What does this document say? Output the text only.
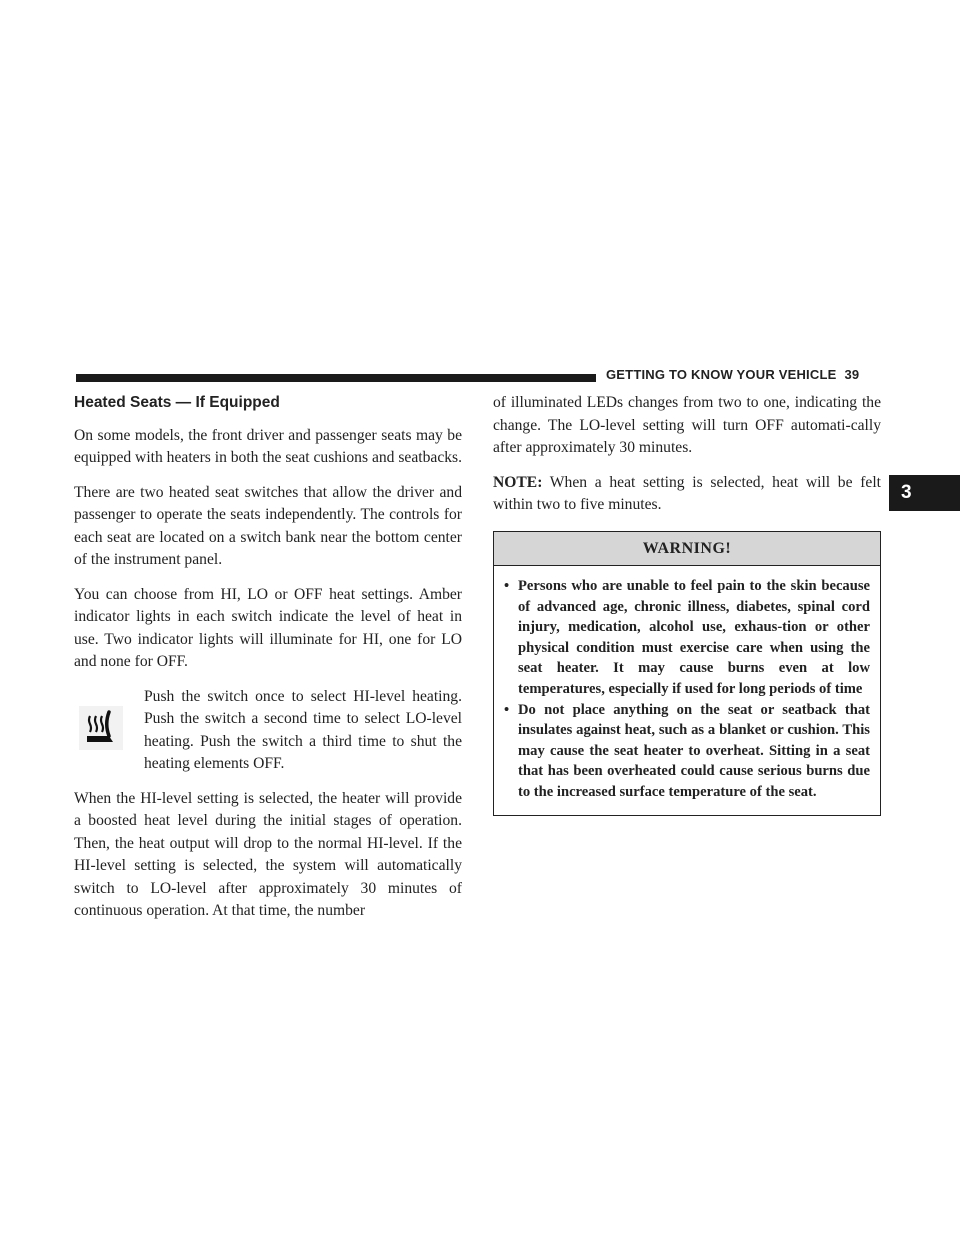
GETTING TO KNOW YOUR VEHICLE 39
3
Heated Seats — If Equipped

On some models, the front driver and passenger seats may be equipped with heaters in both the seat cushions and seatbacks.

There are two heated seat switches that allow the driver and passenger to operate the seats independently. The controls for each seat are located on a switch bank near the bottom center of the instrument panel.

You can choose from HI, LO or OFF heat settings. Amber indicator lights in each switch indicate the level of heat in use. Two indicator lights will illuminate for HI, one for LO and none for OFF.

Push the switch once to select HI-level heating. Push the switch a second time to select LO-level heating. Push the switch a third time to shut the heating elements OFF.

When the HI-level setting is selected, the heater will provide a boosted heat level during the initial stages of operation. Then, the heat output will drop to the normal HI-level. If the HI-level setting is selected, the system will automatically switch to LO-level after approximately 30 minutes of continuous operation. At that time, the number

of illuminated LEDs changes from two to one, indicating the change. The LO-level setting will turn OFF automati-cally after approximately 30 minutes.

NOTE: When a heat setting is selected, heat will be felt within two to five minutes.

WARNING!
• Persons who are unable to feel pain to the skin because of advanced age, chronic illness, diabetes, spinal cord injury, medication, alcohol use, exhaus-tion or other physical condition must exercise care when using the seat heater. It may cause burns even at low temperatures, especially if used for long periods of time
• Do not place anything on the seat or seatback that insulates against heat, such as a blanket or cushion. This may cause the seat heater to overheat. Sitting in a seat that has been overheated could cause serious burns due to the increased surface temperature of the seat.
